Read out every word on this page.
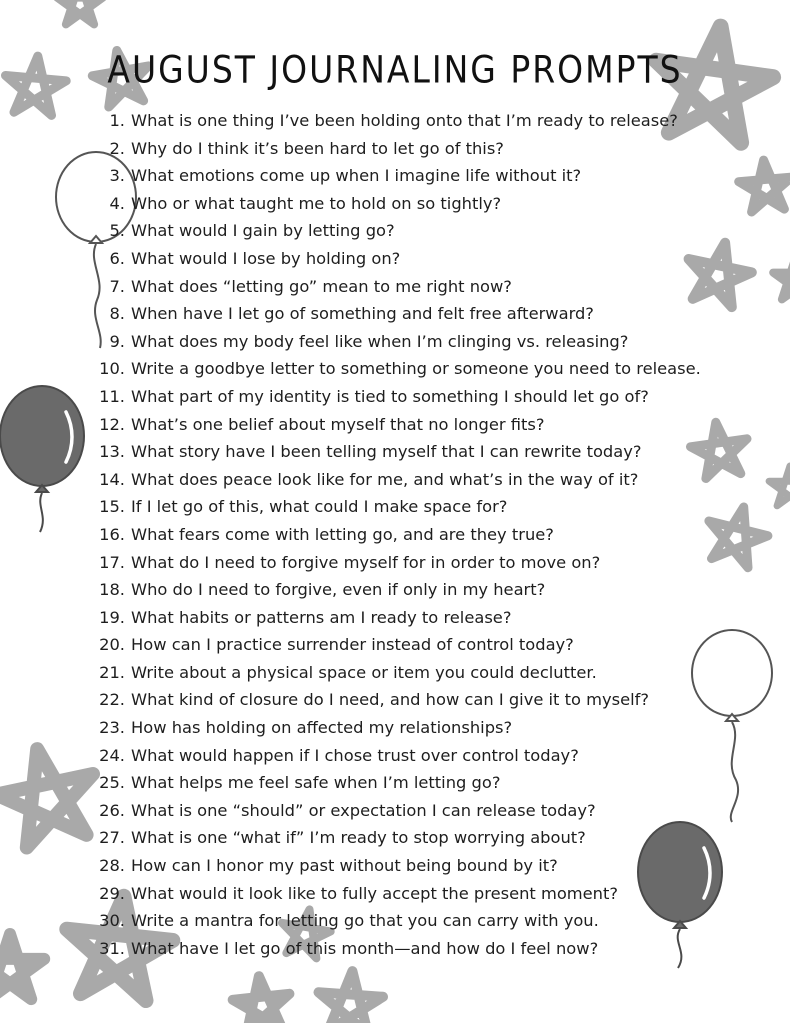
AUGUST JOURNALING PROMPTS
1. What is one thing I’ve been holding onto that I’m ready to release?
2. Why do I think it’s been hard to let go of this?
3. What emotions come up when I imagine life without it?
4. Who or what taught me to hold on so tightly?
5. What would I gain by letting go?
6. What would I lose by holding on?
7. What does “letting go” mean to me right now?
8. When have I let go of something and felt free afterward?
9. What does my body feel like when I’m clinging vs. releasing?
10. Write a goodbye letter to something or someone you need to release.
11. What part of my identity is tied to something I should let go of?
12. What’s one belief about myself that no longer fits?
13. What story have I been telling myself that I can rewrite today?
14. What does peace look like for me, and what’s in the way of it?
15. If I let go of this, what could I make space for?
16. What fears come with letting go, and are they true?
17. What do I need to forgive myself for in order to move on?
18. Who do I need to forgive, even if only in my heart?
19. What habits or patterns am I ready to release?
20. How can I practice surrender instead of control today?
21. Write about a physical space or item you could declutter.
22. What kind of closure do I need, and how can I give it to myself?
23. How has holding on affected my relationships?
24. What would happen if I chose trust over control today?
25. What helps me feel safe when I’m letting go?
26. What is one “should” or expectation I can release today?
27. What is one “what if” I’m ready to stop worrying about?
28. How can I honor my past without being bound by it?
29. What would it look like to fully accept the present moment?
30. Write a mantra for letting go that you can carry with you.
31. What have I let go of this month—and how do I feel now?
